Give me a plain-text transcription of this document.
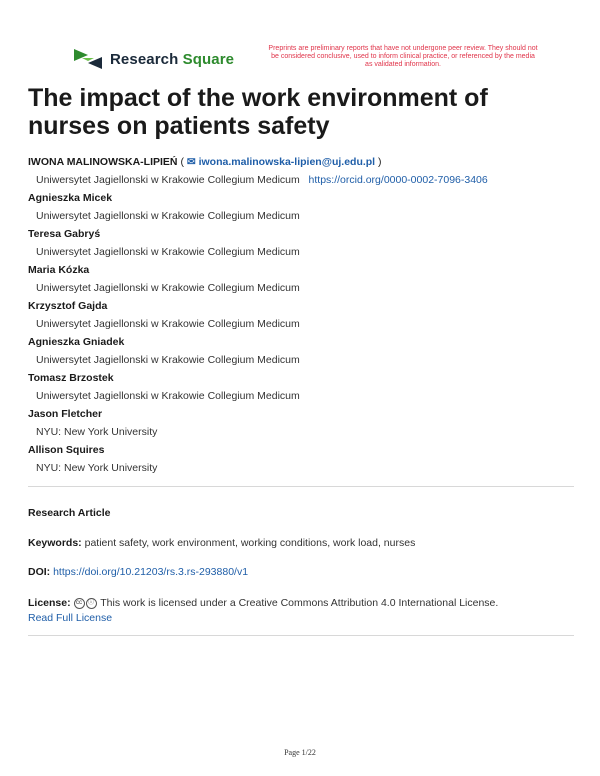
Research Square
Preprints are preliminary reports that have not undergone peer review. They should not be considered conclusive, used to inform clinical practice, or referenced by the media as validated information.
The impact of the work environment of nurses on patients safety
IWONA MALINOWSKA-LIPIEŃ ( ✉ iwona.malinowska-lipien@uj.edu.pl )
Uniwersytet Jagiellonski w Krakowie Collegium Medicum https://orcid.org/0000-0002-7096-3406
Agnieszka Micek
Uniwersytet Jagiellonski w Krakowie Collegium Medicum
Teresa Gabryś
Uniwersytet Jagiellonski w Krakowie Collegium Medicum
Maria Kózka
Uniwersytet Jagiellonski w Krakowie Collegium Medicum
Krzysztof Gajda
Uniwersytet Jagiellonski w Krakowie Collegium Medicum
Agnieszka Gniadek
Uniwersytet Jagiellonski w Krakowie Collegium Medicum
Tomasz Brzostek
Uniwersytet Jagiellonski w Krakowie Collegium Medicum
Jason Fletcher
NYU: New York University
Allison Squires
NYU: New York University
Research Article
Keywords: patient safety, work environment, working conditions, work load, nurses
DOI: https://doi.org/10.21203/rs.3.rs-293880/v1
License: cc ⓘ This work is licensed under a Creative Commons Attribution 4.0 International License.
Read Full License
Page 1/22
